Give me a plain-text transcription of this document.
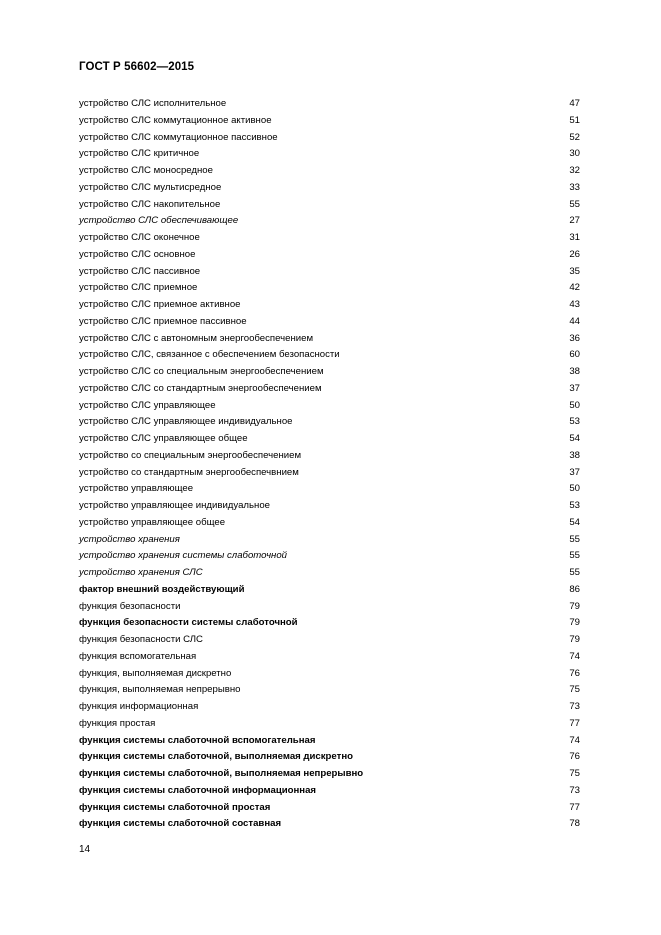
ГОСТ Р 56602—2015
устройство СЛС исполнительное	47
устройство СЛС коммутационное активное	51
устройство СЛС коммутационное пассивное	52
устройство СЛС критичное	30
устройство СЛС моносредное	32
устройство СЛС мультисредное	33
устройство СЛС накопительное	55
устройство СЛС обеспечивающее	27
устройство СЛС оконечное	31
устройство СЛС основное	26
устройство СЛС пассивное	35
устройство СЛС приемное	42
устройство СЛС приемное активное	43
устройство СЛС приемное пассивное	44
устройство СЛС с автономным энергообеспечением	36
устройство СЛС, связанное с обеспечением безопасности	60
устройство СЛС со специальным энергообеспечением	38
устройство СЛС со стандартным энергообеспечением	37
устройство СЛС управляющее	50
устройство СЛС управляющее индивидуальное	53
устройство СЛС управляющее общее	54
устройство со специальным энергообеспечением	38
устройство со стандартным энергообеспечвнием	37
устройство управляющее	50
устройство управляющее индивидуальное	53
устройство управляющее общее	54
устройство хранения	55
устройство хранения системы слаботочной	55
устройство хранения СЛС	55
фактор внешний воздействующий	86
функция безопасности	79
функция безопасности системы слаботочной	79
функция безопасности СЛС	79
функция вспомогательная	74
функция, выполняемая дискретно	76
функция, выполняемая непрерывно	75
функция информационная	73
функция простая	77
функция системы слаботочной вспомогательная	74
функция системы слаботочной, выполняемая дискретно	76
функция системы слаботочной, выполняемая непрерывно	75
функция системы слаботочной информационная	73
функция системы слаботочной простая	77
функция системы слаботочной составная	78
14
